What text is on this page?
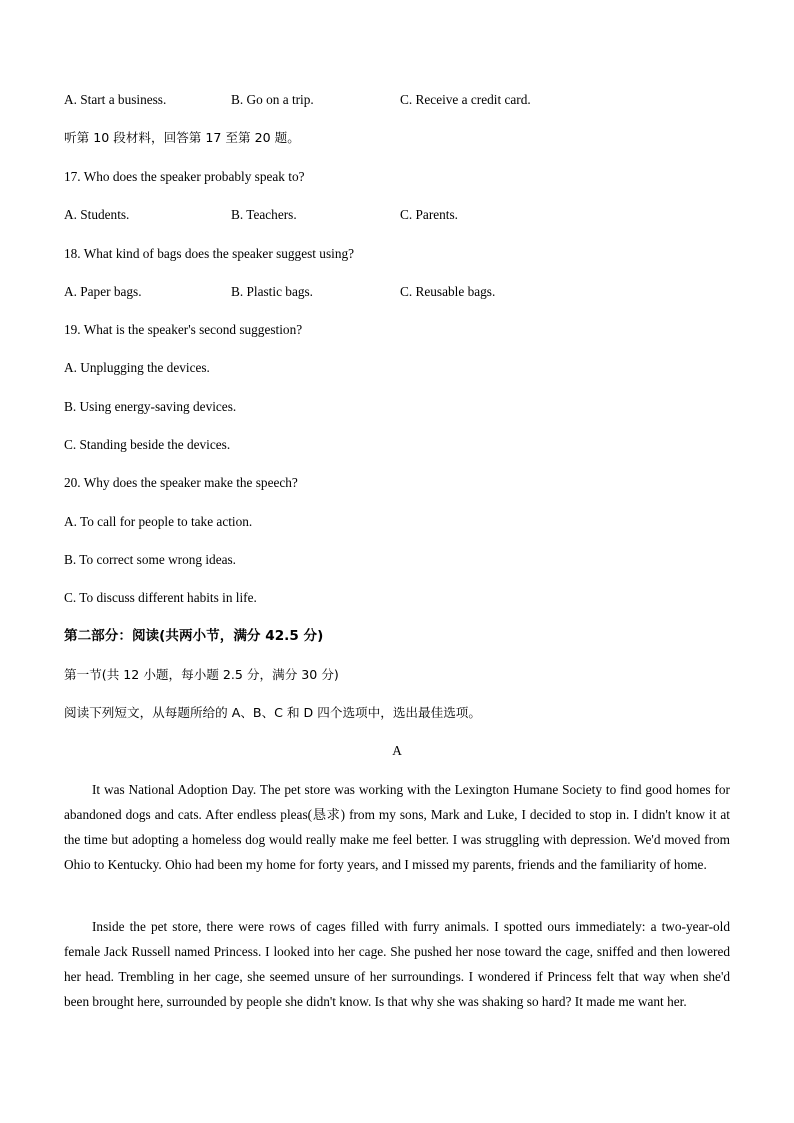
A. Start a business.	B. Go on a trip.	C. Receive a credit card.
听第 10 段材料，回答第 17 至第 20 题。
17. Who does the speaker probably speak to?
A. Students.	B. Teachers.	C. Parents.
18. What kind of bags does the speaker suggest using?
A. Paper bags.	B. Plastic bags.	C. Reusable bags.
19. What is the speaker's second suggestion?
A. Unplugging the devices.
B. Using energy-saving devices.
C. Standing beside the devices.
20. Why does the speaker make the speech?
A. To call for people to take action.
B. To correct some wrong ideas.
C. To discuss different habits in life.
第二部分：阅读(共两小节，满分 42.5 分)
第一节(共 12 小题，每小题 2.5 分，满分 30 分)
阅读下列短文，从每题所给的 A、B、C 和 D 四个选项中，选出最佳选项。
A

It was National Adoption Day. The pet store was working with the Lexington Humane Society to find good homes for abandoned dogs and cats. After endless pleas(恳求) from my sons, Mark and Luke, I decided to stop in. I didn't know it at the time but adopting a homeless dog would really make me feel better. I was struggling with depression. We'd moved from Ohio to Kentucky. Ohio had been my home for forty years, and I missed my parents, friends and the familiarity of home.

Inside the pet store, there were rows of cages filled with furry animals. I spotted ours immediately: a two-year-old female Jack Russell named Princess. I looked into her cage. She pushed her nose toward the cage, sniffed and then lowered her head. Trembling in her cage, she seemed unsure of her surroundings. I wondered if Princess felt that way when she'd been brought here, surrounded by people she didn't know. Is that why she was shaking so hard? It made me want her.
